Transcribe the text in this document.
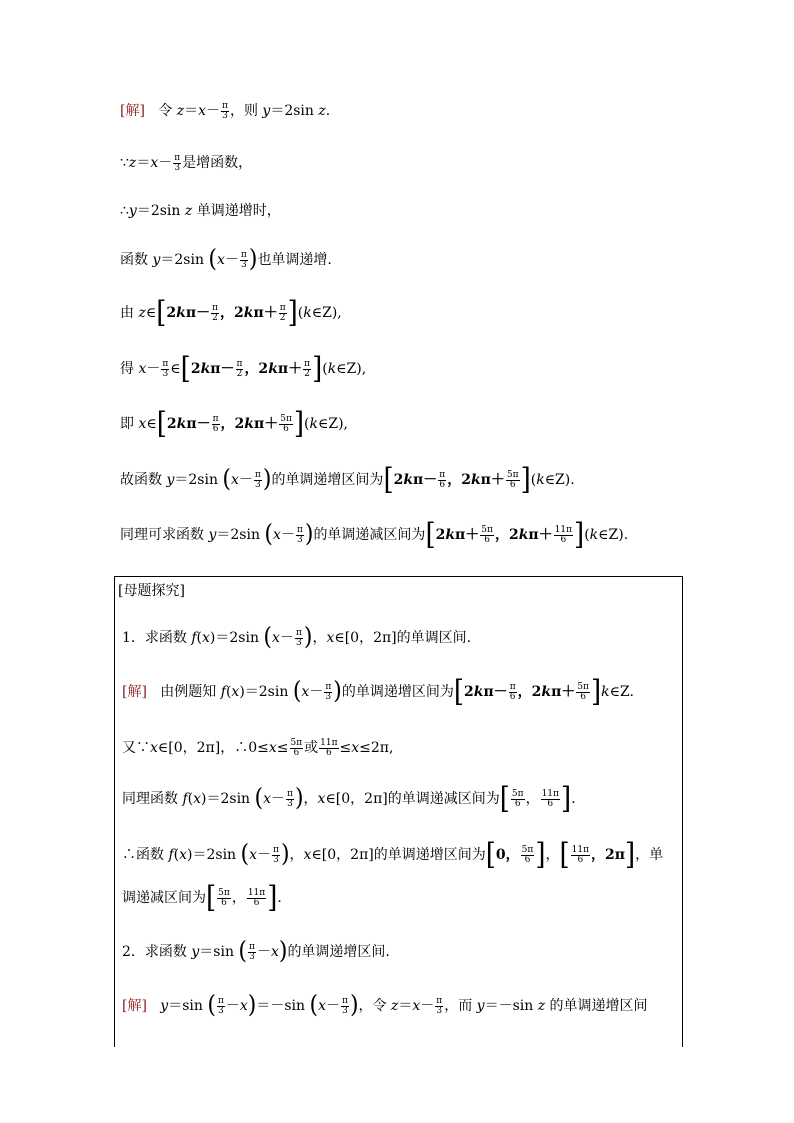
[解] 令 $z=x- \frac{\pi}{3}$ ，则 y＝2sin z.
∵z＝x－ $\frac{\pi}{3}$ 是增函数，
∴y＝2sin z 单调递增时，
函数 y＝2sin ($x- \frac{\pi}{3}$ )也单调递增.
由 z∈[2kπ－ $\frac{\pi}{2}$ ，$2k\pi+ \frac{\pi}{2}$ ](k∈Z),
得 $x- \frac{\pi}{3}$ ∈[2kπ－ $\frac{\pi}{2}$ ，$2k\pi+ \frac{\pi}{2}$ ](k∈Z),
即 x∈[2kπ－ $\frac{\pi}{6}$ ，$2k\pi+ \frac{5\pi}{6}$ ](k∈Z),
故函数 y＝2sin ($x- \frac{\pi}{3}$ )的单调递增区间为[$2k\pi- \frac{\pi}{6}$ ，$2k\pi+ \frac{5\pi}{6}$ ](k∈Z).
同理可求函数 y＝2sin ($x- \frac{\pi}{3}$ )的单调递减区间为[$2k\pi+ \frac{5\pi}{6}$ ，$2k\pi+ \frac{11\pi}{6}$ ](k∈Z).
[母题探究]
1．求函数 f(x)＝2sin ($x- \frac{\pi}{3}$ )，x∈[0，2π]的单调区间.
[解] 由例题知 f(x)＝2sin ($x- \frac{\pi}{3}$ )的单调递增区间为[$2k\pi- \frac{\pi}{6}$ ，$2k\pi+ \frac{5\pi}{6}$ ]k∈Z.
又∵x∈[0，2π]，∴0≤x≤ $\frac{5\pi}{6}$ 或 $\frac{11\pi}{6} \le x\le 2\pi$,
同理函数 f(x)＝2sin ($x- \frac{\pi}{3}$ )，x∈[0，2π]的单调递减区间为[ $\frac{5\pi}{6}$ ， $\frac{11\pi}{6}$ ].
∴函数 f(x)＝2sin ($x- \frac{\pi}{3}$ )，x∈[0，2π]的单调递增区间为[0， $\frac{5\pi}{6}$ ]，[ $\frac{11\pi}{6}$ ，2π]，单
调递减区间为[ $\frac{5\pi}{6}$ ， $\frac{11\pi}{6}$ ].
2．求函数 y＝sin ( $\frac{\pi}{3} -x$)的单调递增区间.
[解] y＝sin ( $\frac{\pi}{3} -x)=-\sin$ ($x- \frac{\pi}{3}$ )，令 $z=x- \frac{\pi}{3}$ ，而 y＝－sin z 的单调递增区间
